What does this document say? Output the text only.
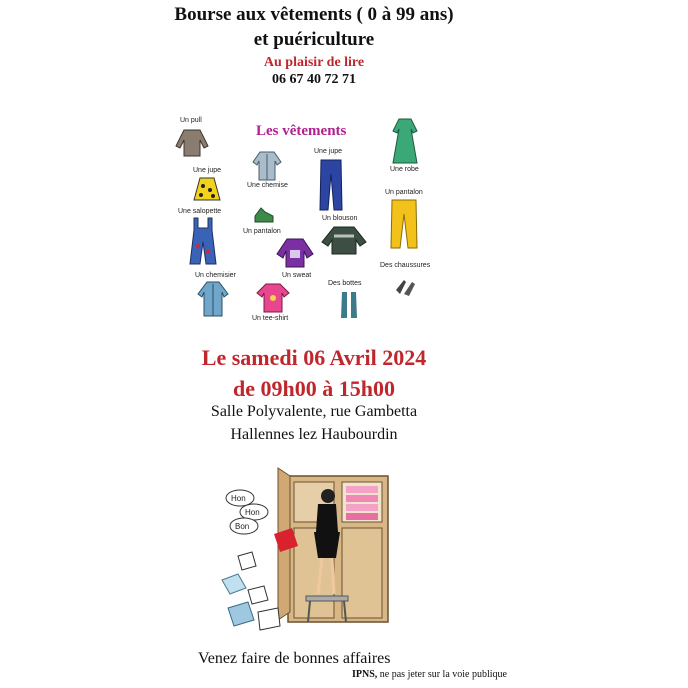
Bourse aux vêtements ( 0 à 99 ans)
et puériculture
Au plaisir de lire
06 67 40 72 71
Les vêtements
Un pull
Une jupe
Une salopette
Une chemise
Un pantalon
Une jupe
Un blouson
Une robe
Un pantalon
Un sweat
Des chaussures
Un chemisier
Un tee-shirt
Des bottes
Le samedi 06 Avril 2024
de 09h00 à 15h00
Salle Polyvalente, rue Gambetta
Hallennes lez Haubourdin
Hon
Hon
Bon
Venez faire de bonnes affaires
IPNS, ne pas jeter sur la voie publique
